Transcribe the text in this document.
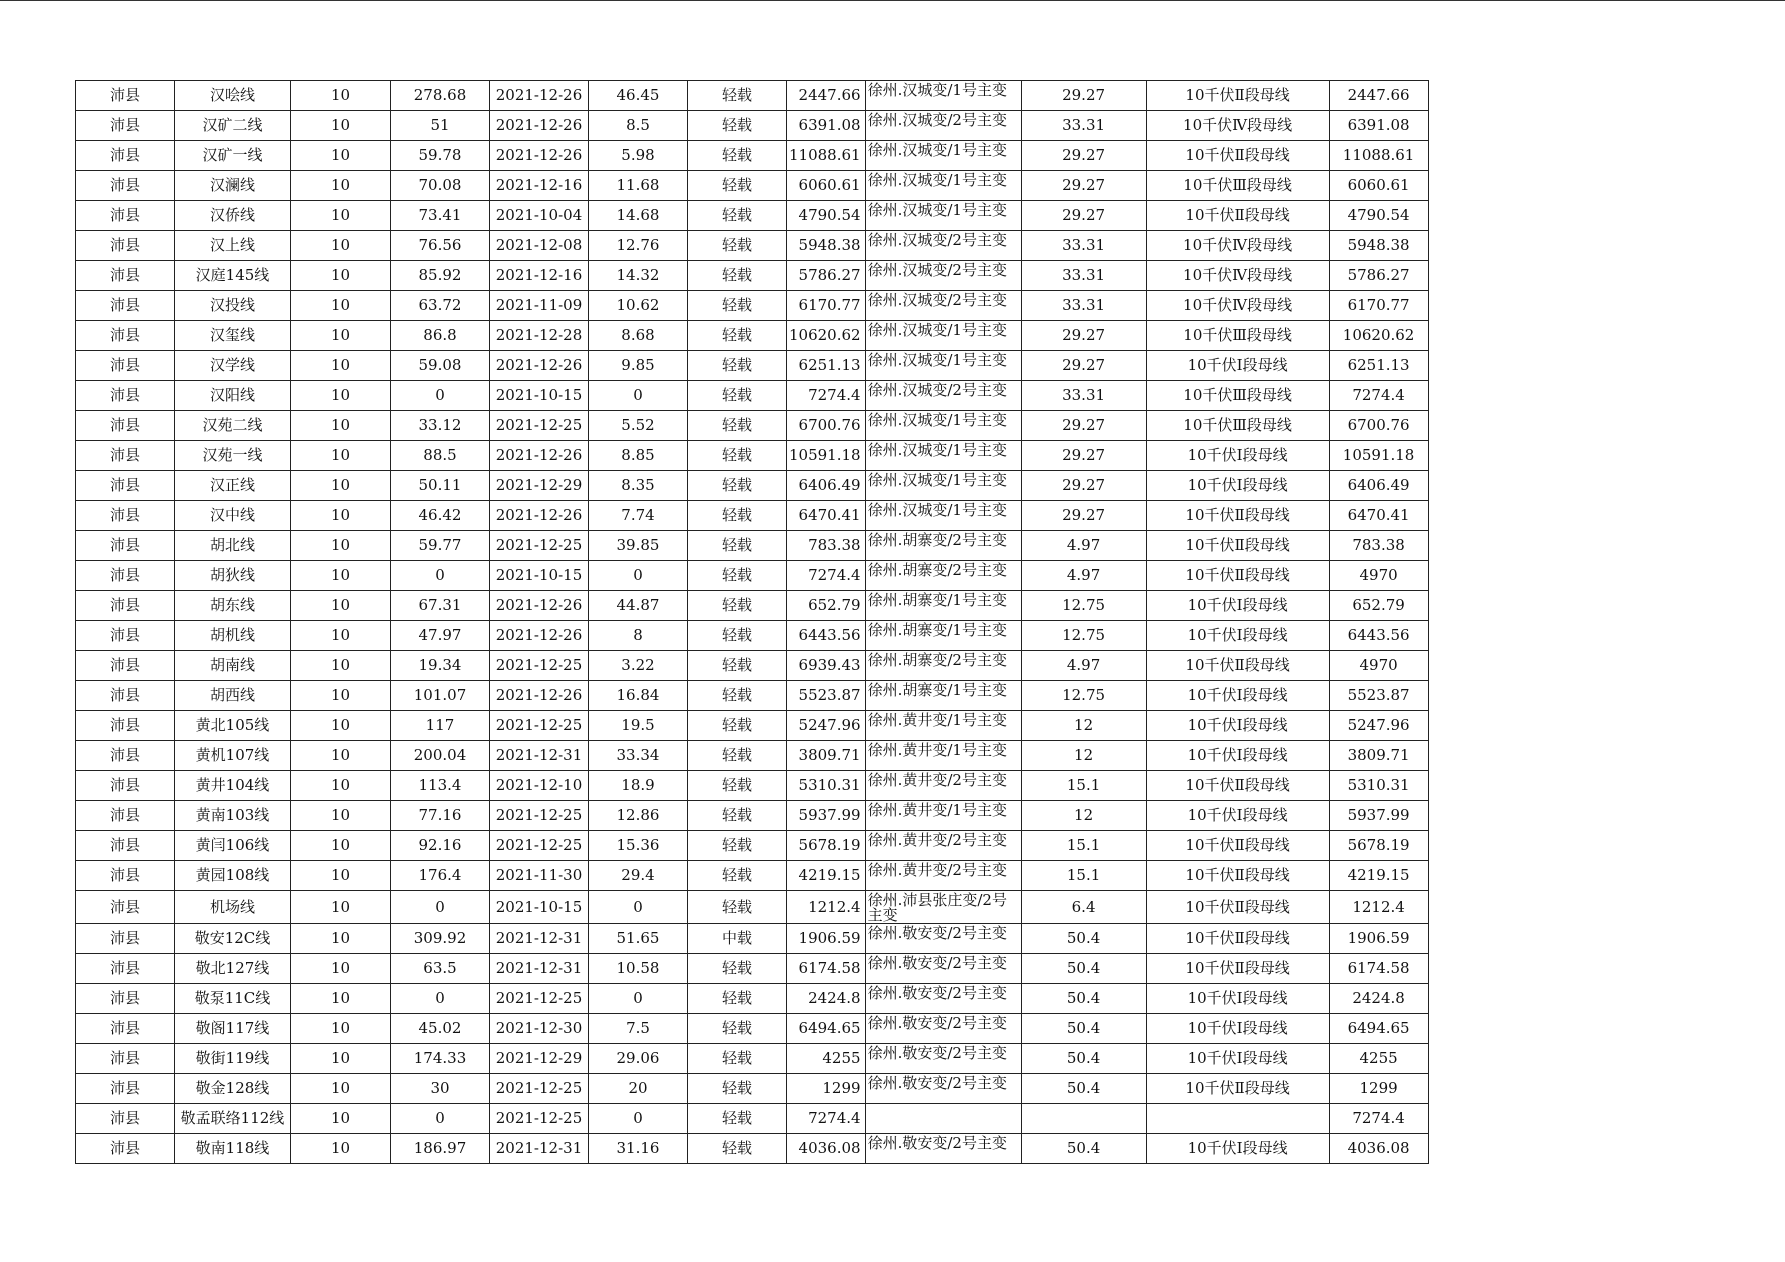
沛县	汉哙线	10	278.68	2021-12-26	46.45	轻载	2447.66	徐州.汉城变/1号主变	29.27	10千伏Ⅱ段母线	2447.66
沛县	汉矿二线	10	51	2021-12-26	8.5	轻载	6391.08	徐州.汉城变/2号主变	33.31	10千伏Ⅳ段母线	6391.08
沛县	汉矿一线	10	59.78	2021-12-26	5.98	轻载	11088.61	徐州.汉城变/1号主变	29.27	10千伏Ⅱ段母线	11088.61
沛县	汉澜线	10	70.08	2021-12-16	11.68	轻载	6060.61	徐州.汉城变/1号主变	29.27	10千伏Ⅲ段母线	6060.61
沛县	汉侨线	10	73.41	2021-10-04	14.68	轻载	4790.54	徐州.汉城变/1号主变	29.27	10千伏Ⅱ段母线	4790.54
沛县	汉上线	10	76.56	2021-12-08	12.76	轻载	5948.38	徐州.汉城变/2号主变	33.31	10千伏Ⅳ段母线	5948.38
沛县	汉庭145线	10	85.92	2021-12-16	14.32	轻载	5786.27	徐州.汉城变/2号主变	33.31	10千伏Ⅳ段母线	5786.27
沛县	汉投线	10	63.72	2021-11-09	10.62	轻载	6170.77	徐州.汉城变/2号主变	33.31	10千伏Ⅳ段母线	6170.77
沛县	汉玺线	10	86.8	2021-12-28	8.68	轻载	10620.62	徐州.汉城变/1号主变	29.27	10千伏Ⅲ段母线	10620.62
沛县	汉学线	10	59.08	2021-12-26	9.85	轻载	6251.13	徐州.汉城变/1号主变	29.27	10千伏Ⅰ段母线	6251.13
沛县	汉阳线	10	0	2021-10-15	0	轻载	7274.4	徐州.汉城变/2号主变	33.31	10千伏Ⅲ段母线	7274.4
沛县	汉苑二线	10	33.12	2021-12-25	5.52	轻载	6700.76	徐州.汉城变/1号主变	29.27	10千伏Ⅲ段母线	6700.76
沛县	汉苑一线	10	88.5	2021-12-26	8.85	轻载	10591.18	徐州.汉城变/1号主变	29.27	10千伏Ⅰ段母线	10591.18
沛县	汉正线	10	50.11	2021-12-29	8.35	轻载	6406.49	徐州.汉城变/1号主变	29.27	10千伏Ⅰ段母线	6406.49
沛县	汉中线	10	46.42	2021-12-26	7.74	轻载	6470.41	徐州.汉城变/1号主变	29.27	10千伏Ⅱ段母线	6470.41
沛县	胡北线	10	59.77	2021-12-25	39.85	轻载	783.38	徐州.胡寨变/2号主变	4.97	10千伏Ⅱ段母线	783.38
沛县	胡狄线	10	0	2021-10-15	0	轻载	7274.4	徐州.胡寨变/2号主变	4.97	10千伏Ⅱ段母线	4970
沛县	胡东线	10	67.31	2021-12-26	44.87	轻载	652.79	徐州.胡寨变/1号主变	12.75	10千伏Ⅰ段母线	652.79
沛县	胡机线	10	47.97	2021-12-26	8	轻载	6443.56	徐州.胡寨变/1号主变	12.75	10千伏Ⅰ段母线	6443.56
沛县	胡南线	10	19.34	2021-12-25	3.22	轻载	6939.43	徐州.胡寨变/2号主变	4.97	10千伏Ⅱ段母线	4970
沛县	胡西线	10	101.07	2021-12-26	16.84	轻载	5523.87	徐州.胡寨变/1号主变	12.75	10千伏Ⅰ段母线	5523.87
沛县	黄北105线	10	117	2021-12-25	19.5	轻载	5247.96	徐州.黄井变/1号主变	12	10千伏Ⅰ段母线	5247.96
沛县	黄机107线	10	200.04	2021-12-31	33.34	轻载	3809.71	徐州.黄井变/1号主变	12	10千伏Ⅰ段母线	3809.71
沛县	黄井104线	10	113.4	2021-12-10	18.9	轻载	5310.31	徐州.黄井变/2号主变	15.1	10千伏Ⅱ段母线	5310.31
沛县	黄南103线	10	77.16	2021-12-25	12.86	轻载	5937.99	徐州.黄井变/1号主变	12	10千伏Ⅰ段母线	5937.99
沛县	黄闫106线	10	92.16	2021-12-25	15.36	轻载	5678.19	徐州.黄井变/2号主变	15.1	10千伏Ⅱ段母线	5678.19
沛县	黄园108线	10	176.4	2021-11-30	29.4	轻载	4219.15	徐州.黄井变/2号主变	15.1	10千伏Ⅱ段母线	4219.15
沛县	机场线	10	0	2021-10-15	0	轻载	1212.4	徐州.沛县张庄变/2号主变	6.4	10千伏Ⅱ段母线	1212.4
沛县	敬安12C线	10	309.92	2021-12-31	51.65	中载	1906.59	徐州.敬安变/2号主变	50.4	10千伏Ⅱ段母线	1906.59
沛县	敬北127线	10	63.5	2021-12-31	10.58	轻载	6174.58	徐州.敬安变/2号主变	50.4	10千伏Ⅱ段母线	6174.58
沛县	敬泵11C线	10	0	2021-12-25	0	轻载	2424.8	徐州.敬安变/2号主变	50.4	10千伏Ⅰ段母线	2424.8
沛县	敬阁117线	10	45.02	2021-12-30	7.5	轻载	6494.65	徐州.敬安变/2号主变	50.4	10千伏Ⅰ段母线	6494.65
沛县	敬街119线	10	174.33	2021-12-29	29.06	轻载	4255	徐州.敬安变/2号主变	50.4	10千伏Ⅰ段母线	4255
沛县	敬金128线	10	30	2021-12-25	20	轻载	1299	徐州.敬安变/2号主变	50.4	10千伏Ⅱ段母线	1299
沛县	敬孟联络112线	10	0	2021-12-25	0	轻载	7274.4				7274.4
沛县	敬南118线	10	186.97	2021-12-31	31.16	轻载	4036.08	徐州.敬安变/2号主变	50.4	10千伏Ⅰ段母线	4036.08
